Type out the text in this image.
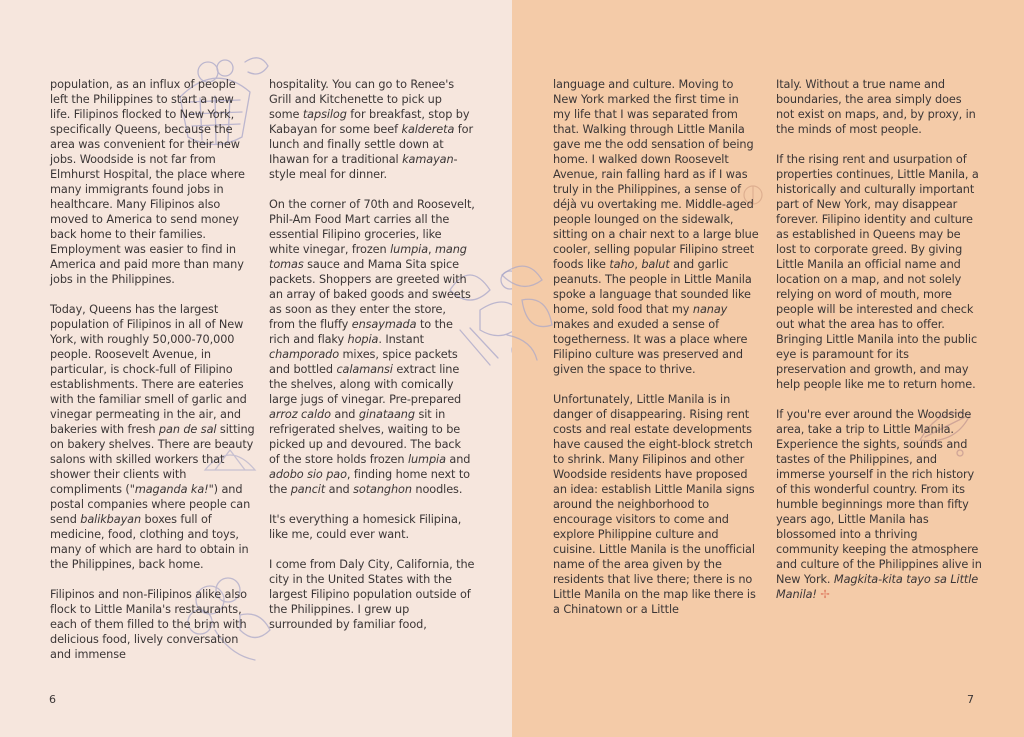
population, as an influx of people left the Philippines to start a new life. Filipinos flocked to New York, specifically Queens, because the area was convenient for their new jobs. Woodside is not far from Elmhurst Hospital, the place where many immigrants found jobs in healthcare. Many Filipinos also moved to America to send money back home to their families. Employment was easier to find in America and paid more than many jobs in the Philippines.

Today, Queens has the largest population of Filipinos in all of New York, with roughly 50,000-70,000 people. Roosevelt Avenue, in particular, is chock-full of Filipino establishments. There are eateries with the familiar smell of garlic and vinegar permeating in the air, and bakeries with fresh pan de sal sitting on bakery shelves. There are beauty salons with skilled workers that shower their clients with compliments ("maganda ka!") and postal companies where people can send balikbayan boxes full of medicine, food, clothing and toys, many of which are hard to obtain in the Philippines, back home.

Filipinos and non-Filipinos alike also flock to Little Manila's restaurants, each of them filled to the brim with delicious food, lively conversation and immense

hospitality. You can go to Renee's Grill and Kitchenette to pick up some tapsilog for breakfast, stop by Kabayan for some beef kaldereta for lunch and finally settle down at Ihawan for a traditional kamayan-style meal for dinner.

On the corner of 70th and Roosevelt, Phil-Am Food Mart carries all the essential Filipino groceries, like white vinegar, frozen lumpia, mang tomas sauce and Mama Sita spice packets. Shoppers are greeted with an array of baked goods and sweets as soon as they enter the store, from the fluffy ensaymada to the rich and flaky hopia. Instant champorado mixes, spice packets and bottled calamansi extract line the shelves, along with comically large jugs of vinegar. Pre-prepared arroz caldo and ginataang sit in refrigerated shelves, waiting to be picked up and devoured. The back of the store holds frozen lumpia and adobo sio pao, finding home next to the pancit and sotanghon noodles.

It's everything a homesick Filipina, like me, could ever want.

I come from Daly City, California, the city in the United States with the largest Filipino population outside of the Philippines. I grew up surrounded by familiar food,

6

language and culture. Moving to New York marked the first time in my life that I was separated from that. Walking through Little Manila gave me the odd sensation of being home. I walked down Roosevelt Avenue, rain falling hard as if I was truly in the Philippines, a sense of déjà vu overtaking me. Middle-aged people lounged on the sidewalk, sitting on a chair next to a large blue cooler, selling popular Filipino street foods like taho, balut and garlic peanuts. The people in Little Manila spoke a language that sounded like home, sold food that my nanay makes and exuded a sense of togetherness. It was a place where Filipino culture was preserved and given the space to thrive.

Unfortunately, Little Manila is in danger of disappearing. Rising rent costs and real estate developments have caused the eight-block stretch to shrink. Many Filipinos and other Woodside residents have proposed an idea: establish Little Manila signs around the neighborhood to encourage visitors to come and explore Philippine culture and cuisine. Little Manila is the unofficial name of the area given by the residents that live there; there is no Little Manila on the map like there is a Chinatown or a Little

Italy. Without a true name and boundaries, the area simply does not exist on maps, and, by proxy, in the minds of most people.

If the rising rent and usurpation of properties continues, Little Manila, a historically and culturally important part of New York, may disappear forever. Filipino identity and culture as established in Queens may be lost to corporate greed. By giving Little Manila an official name and location on a map, and not solely relying on word of mouth, more people will be interested and check out what the area has to offer. Bringing Little Manila into the public eye is paramount for its preservation and growth, and may help people like me to return home.

If you're ever around the Woodside area, take a trip to Little Manila. Experience the sights, sounds and tastes of the Philippines, and immerse yourself in the rich history of this wonderful country. From its humble beginnings more than fifty years ago, Little Manila has blossomed into a thriving community keeping the atmosphere and culture of the Philippines alive in New York. Magkita-kita tayo sa Little Manila! ✢

7
